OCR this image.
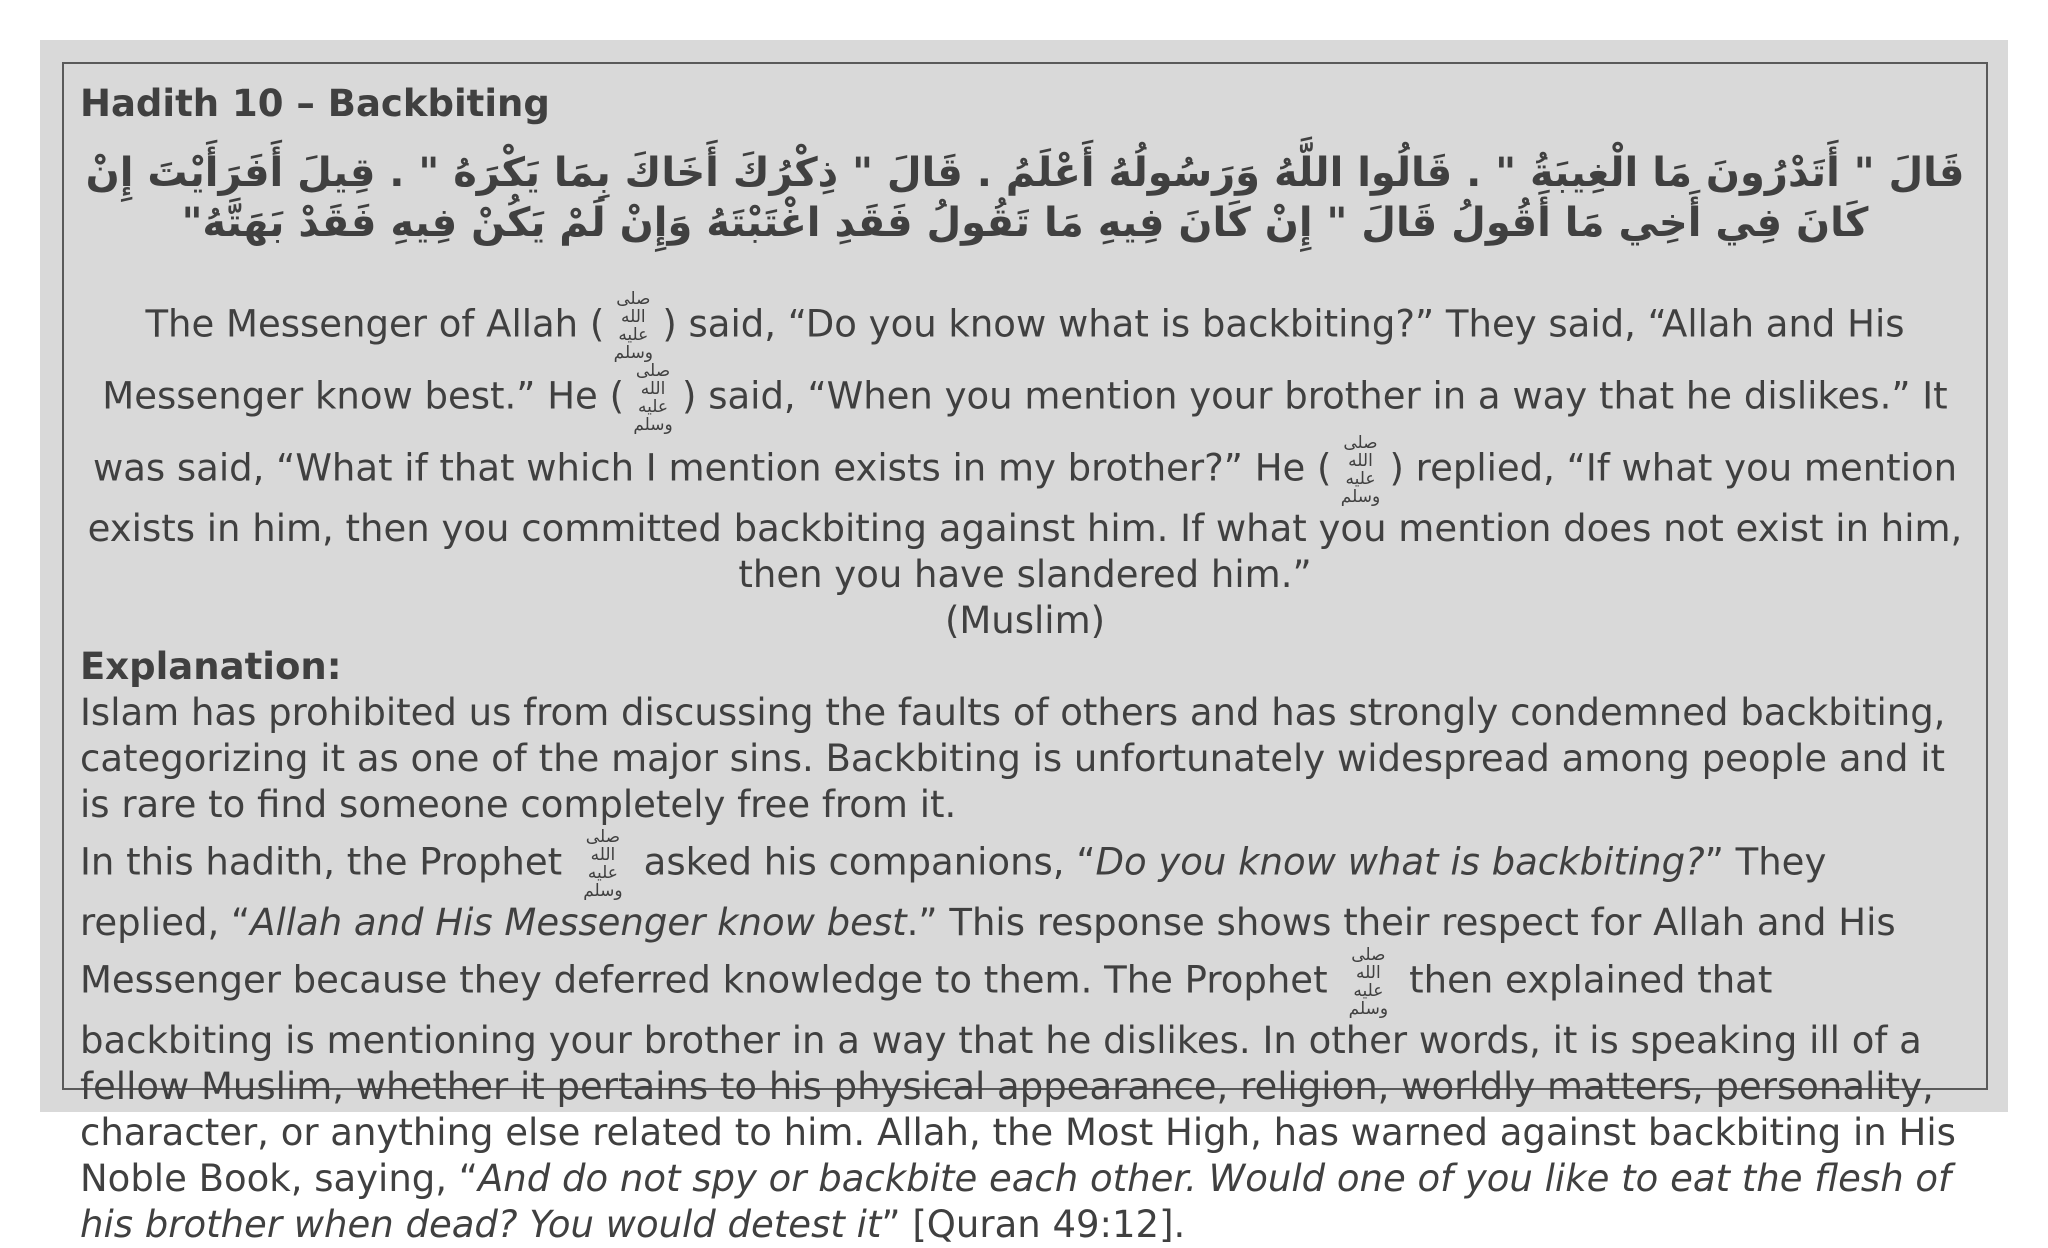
Hadith 10 – Backbiting
قَالَ " أَتَدْرُونَ مَا الْغِيبَةُ " . قَالُوا اللَّهُ وَرَسُولُهُ أَعْلَمُ . قَالَ " ذِكْرُكَ أَخَاكَ بِمَا يَكْرَهُ " . قِيلَ أَفَرَأَيْتَ إِنْ كَانَ فِي أَخِي مَا أَقُولُ قَالَ " إِنْ كَانَ فِيهِ مَا تَقُولُ فَقَدِ اغْتَبْتَهُ وَإِنْ لَمْ يَكُنْ فِيهِ فَقَدْ بَهَتَّهُ"
The Messenger of Allah (صلى الله عليه وسلم) said, “Do you know what is backbiting?” They said, “Allah and His Messenger know best.” He (صلى الله عليه وسلم) said, “When you mention your brother in a way that he dislikes.” It was said, “What if that which I mention exists in my brother?” He (صلى الله عليه وسلم) replied, “If what you mention exists in him, then you committed backbiting against him. If what you mention does not exist in him, then you have slandered him.”
(Muslim)
Explanation:
Islam has prohibited us from discussing the faults of others and has strongly condemned backbiting, categorizing it as one of the major sins. Backbiting is unfortunately widespread among people and it is rare to find someone completely free from it.
In this hadith, the Prophet صلى الله عليه وسلم asked his companions, “Do you know what is backbiting?” They replied, “Allah and His Messenger know best.” This response shows their respect for Allah and His Messenger because they deferred knowledge to them. The Prophet صلى الله عليه وسلم then explained that backbiting is mentioning your brother in a way that he dislikes. In other words, it is speaking ill of a fellow Muslim, whether it pertains to his physical appearance, religion, worldly matters, personality, character, or anything else related to him. Allah, the Most High, has warned against backbiting in His Noble Book, saying, “And do not spy or backbite each other. Would one of you like to eat the flesh of his brother when dead? You would detest it” [Quran 49:12].
